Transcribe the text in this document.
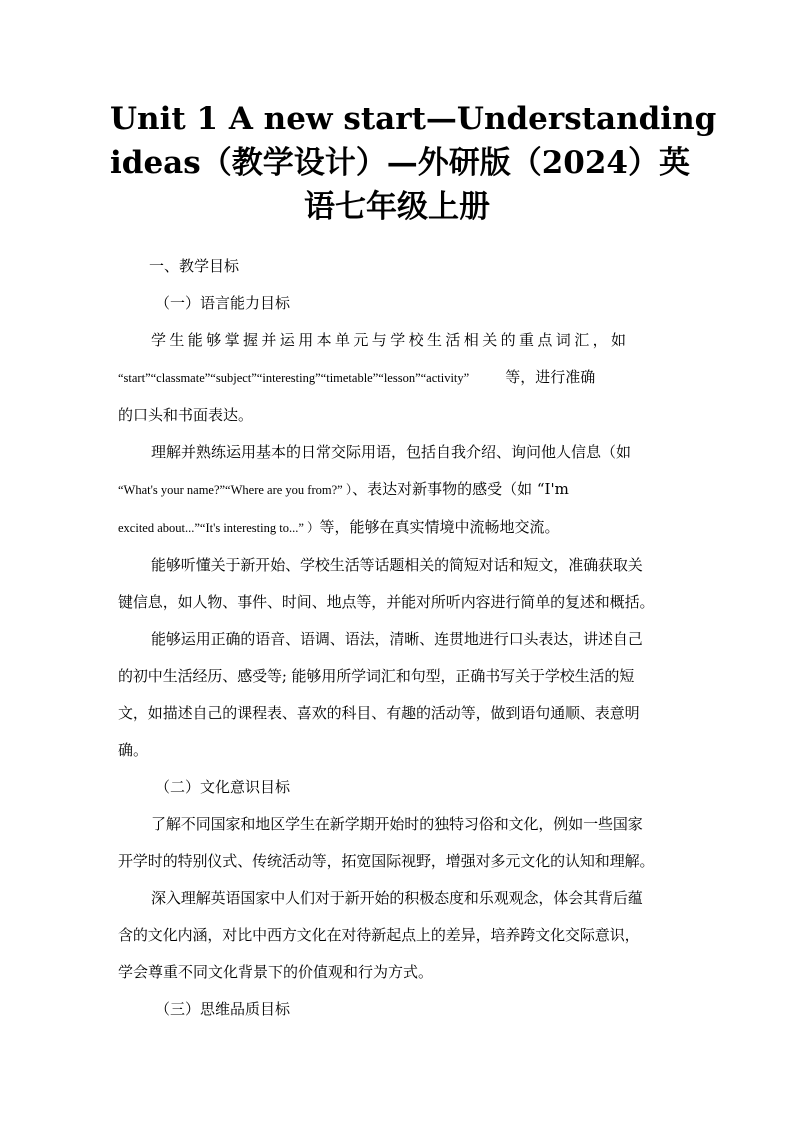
Unit 1 A new start—Understanding
ideas（教学设计）—外研版（2024）英
语七年级上册

一、教学目标

（一）语言能力目标

学生能够掌握并运用本单元与学校生活相关的重点词汇，如
“start”“classmate”“subject”“interesting”“timetable”“lesson”“activity” 等，进行准确
的口头和书面表达。

理解并熟练运用基本的日常交际用语，包括自我介绍、询问他人信息（如
“What's your name?”“Where are you from?” ）、表达对新事物的感受（如 “I'm
excited about...”“It's interesting to...” ）等，能够在真实情境中流畅地交流。

能够听懂关于新开始、学校生活等话题相关的简短对话和短文，准确获取关
键信息，如人物、事件、时间、地点等，并能对所听内容进行简单的复述和概括。

能够运用正确的语音、语调、语法，清晰、连贯地进行口头表达，讲述自己
的初中生活经历、感受等; 能够用所学词汇和句型，正确书写关于学校生活的短
文，如描述自己的课程表、喜欢的科目、有趣的活动等，做到语句通顺、表意明
确。

（二）文化意识目标

了解不同国家和地区学生在新学期开始时的独特习俗和文化，例如一些国家
开学时的特别仪式、传统活动等，拓宽国际视野，增强对多元文化的认知和理解。

深入理解英语国家中人们对于新开始的积极态度和乐观观念，体会其背后蕴
含的文化内涵，对比中西方文化在对待新起点上的差异，培养跨文化交际意识，
学会尊重不同文化背景下的价值观和行为方式。

（三）思维品质目标
